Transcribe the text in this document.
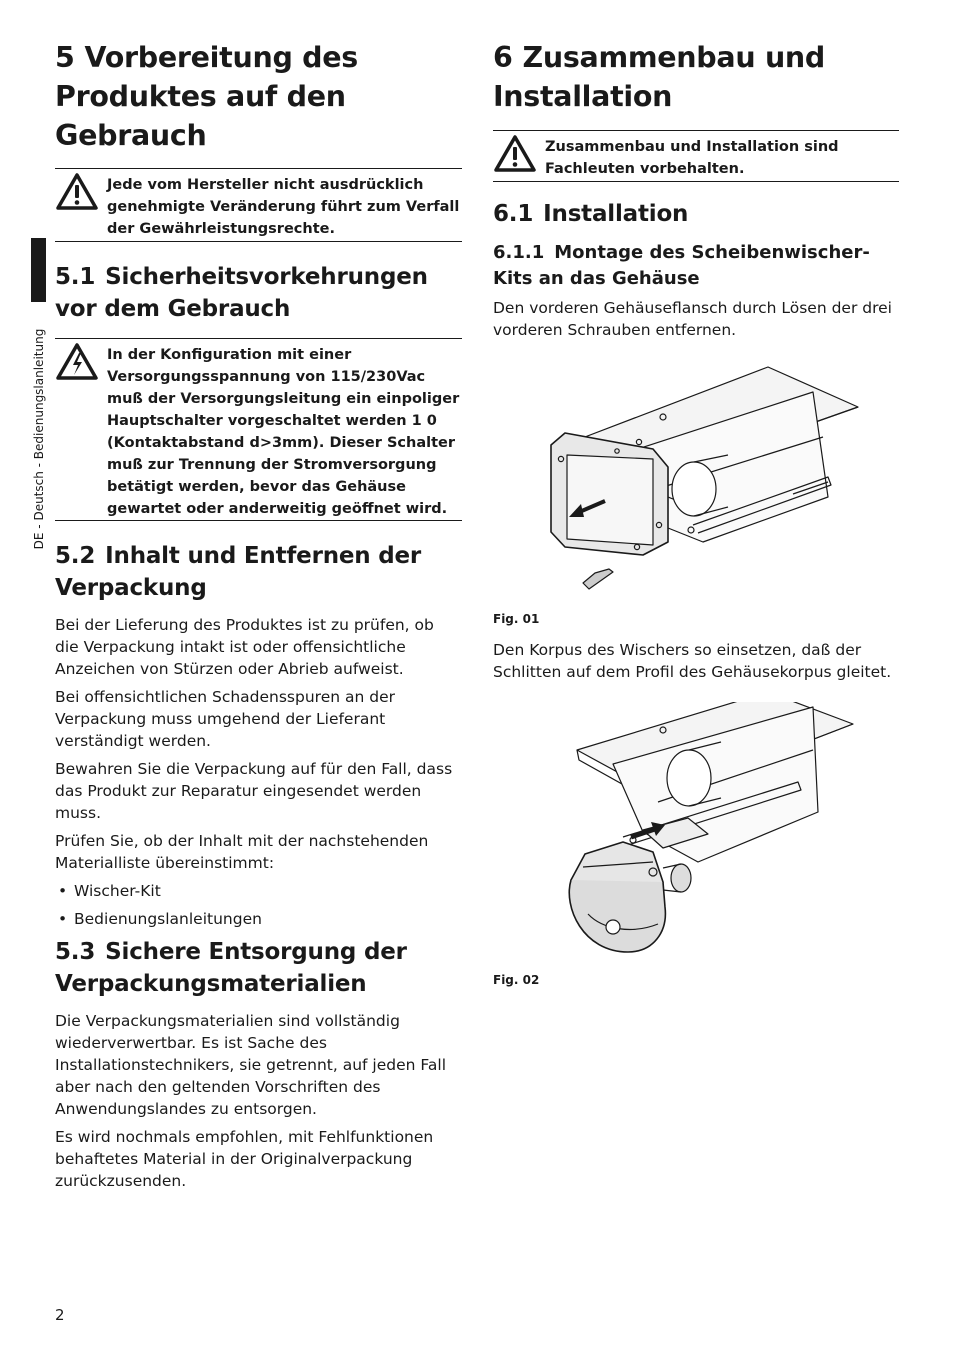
DE - Deutsch - Bedienungslanleitung
5 Vorbereitung des Produktes auf den Gebrauch
Jede vom Hersteller nicht ausdrücklich genehmigte Veränderung führt zum Verfall der Gewährleistungsrechte.
5.1 Sicherheitsvorkehrungen vor dem Gebrauch
In der Konfiguration mit einer Versorgungsspannung von 115/230Vac muß der Versorgungsleitung ein einpoliger Hauptschalter vorgeschaltet werden 1 0 (Kontaktabstand d>3mm). Dieser Schalter muß zur Trennung der Stromversorgung betätigt werden, bevor das Gehäuse gewartet oder anderweitig geöffnet wird.
5.2 Inhalt und Entfernen der Verpackung

Bei der Lieferung des Produktes ist zu prüfen, ob die Verpackung intakt ist oder offensichtliche Anzeichen von Stürzen oder Abrieb aufweist.

Bei offensichtlichen Schadensspuren an der Verpackung muss umgehend der Lieferant verständigt werden.

Bewahren Sie die Verpackung auf für den Fall, dass das Produkt zur Reparatur eingesendet werden muss.

Prüfen Sie, ob der Inhalt mit der nachstehenden Materialliste übereinstimmt:

• Wischer-Kit
• Bedienungslanleitungen
5.3 Sichere Entsorgung der Verpackungsmaterialien

Die Verpackungsmaterialien sind vollständig wiederverwertbar. Es ist Sache des Installationstechnikers, sie getrennt, auf jeden Fall aber nach den geltenden Vorschriften des Anwendungslandes zu entsorgen.

Es wird nochmals empfohlen, mit Fehlfunktionen behaftetes Material in der Originalverpackung zurückzusenden.

6 Zusammenbau und Installation
Zusammenbau und Installation sind Fachleuten vorbehalten.
6.1 Installation
6.1.1 Montage des Scheibenwischer-Kits an das Gehäuse

Den vorderen Gehäuseflansch durch Lösen der drei vorderen Schrauben entfernen.

Fig. 01

Den Korpus des Wischers so einsetzen, daß der Schlitten auf dem Profil des Gehäusekorpus gleitet.

Fig. 02
2
